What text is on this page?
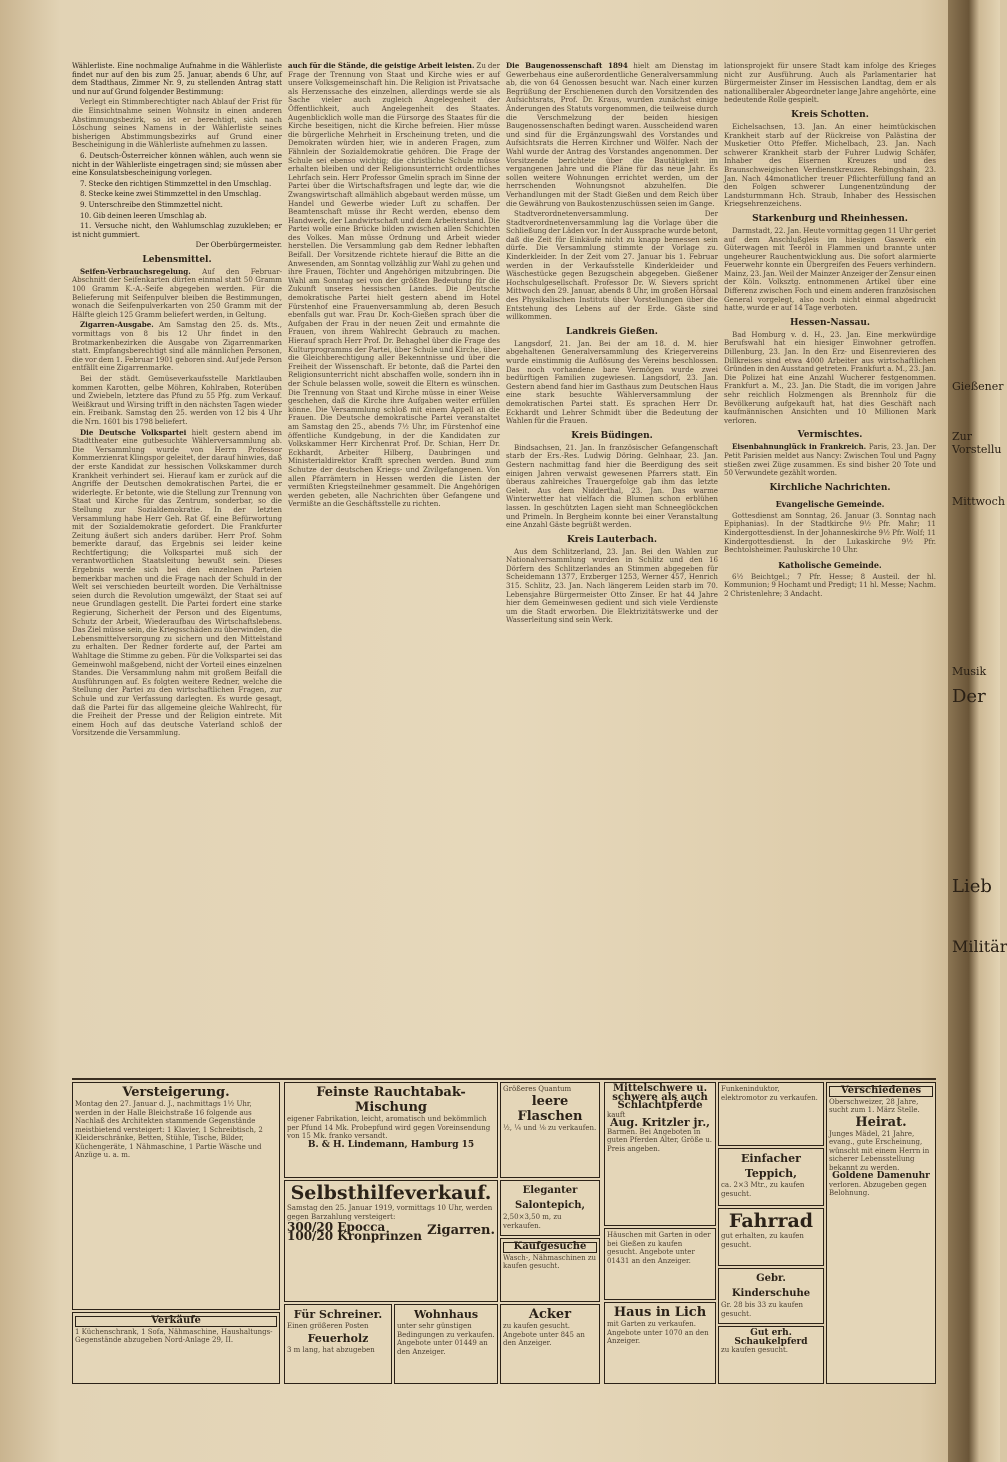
Wählerliste. Eine nochmalige Aufnahme in die Wählerliste findet nur auf den bis zum 25. Januar, abends 6 Uhr, auf dem Stadthaus, Zimmer Nr. 9, zu stellenden Antrag statt und nur auf Grund folgender Bestimmung:

Verlegt ein Stimmberechtigter nach Ablauf der Frist für die Einsichtnahme seinen Wohnsitz in einen anderen Abstimmungsbezirk, so ist er berechtigt, sich nach Löschung seines Namens in der Wählerliste seines bisherigen Abstimmungsbezirks auf Grund einer Bescheinigung in die Wählerliste aufnehmen zu lassen.

6. Deutsch-Österreicher können wählen, auch wenn sie nicht in der Wählerliste eingetragen sind; sie müssen aber eine Konsulatsbescheinigung vorlegen.

7. Stecke den richtigen Stimmzettel in den Umschlag.

8. Stecke keine zwei Stimmzettel in den Umschlag.

9. Unterschreibe den Stimmzettel nicht.

10. Gib deinen leeren Umschlag ab.

11. Versuche nicht, den Wahlumschlag zuzukleben; er ist nicht gummiert.

Der Oberbürgermeister.

Lebensmittel.

Seifen-Verbrauchsregelung. Auf den Februar-Abschnitt der Seifenkarten dürfen einmal statt 50 Gramm 100 Gramm K.-A.-Seife abgegeben werden. Für die Belieferung mit Seifenpulver bleiben die Bestimmungen, wonach die Seifenpulverkarten von 250 Gramm mit der Hälfte gleich 125 Gramm beliefert werden, in Geltung.

Zigarren-Ausgabe. Am Samstag den 25. ds. Mts., vormittags von 8 bis 12 Uhr findet in den Brotmarkenbezirken die Ausgabe von Zigarrenmarken statt. Empfangsberechtigt sind alle männlichen Personen, die vor dem 1. Februar 1901 geboren sind. Auf jede Person entfällt eine Zigarrenmarke.

Bei der städt. Gemüseverkaufsstelle Marktlauben kommen Karotten, gelbe Möhren, Kohlraben, Roterüben und Zwiebeln, letztere das Pfund zu 55 Pfg. zum Verkauf. Weißkraut und Wirsing trifft in den nächsten Tagen wieder ein. Freibank. Samstag den 25. werden von 12 bis 4 Uhr die Nrn. 1601 bis 1798 beliefert.

Die Deutsche Volkspartei hielt gestern abend im Stadttheater eine gutbesuchte Wählerversammlung ab. Die Versammlung wurde von Herrn Professor Kommerzienrat Klingspor geleitet, der darauf hinwies, daß der erste Kandidat zur hessischen Volkskammer durch Krankheit verhindert sei. Hierauf kam er zurück auf die Angriffe der Deutschen demokratischen Partei, die er widerlegte. Er betonte, wie die Stellung zur Trennung von Staat und Kirche für das Zentrum, sonderbar, so die Stellung zur Sozialdemokratie. In der letzten Versammlung habe Herr Geh. Rat Gf. eine Befürwortung mit der Sozialdemokratie gefordert. Die Frankfurter Zeitung äußert sich anders darüber. Herr Prof. Sohm bemerkte darauf, das Ergebnis sei leider keine Rechtfertigung; die Volkspartei muß sich der verantwortlichen Staatsleitung bewußt sein. Dieses Ergebnis werde sich bei den einzelnen Parteien bemerkbar machen und die Frage nach der Schuld in der Welt sei verschieden beurteilt worden. Die Verhältnisse seien durch die Revolution umgewälzt, der Staat sei auf neue Grundlagen gestellt. Die Partei fordert eine starke Regierung, Sicherheit der Person und des Eigentums, Schutz der Arbeit, Wiederaufbau des Wirtschaftslebens. Das Ziel müsse sein, die Kriegsschäden zu überwinden, die Lebensmittelversorgung zu sichern und den Mittelstand zu erhalten. Der Redner forderte auf, der Partei am Wahltage die Stimme zu geben. Für die Volkspartei sei das Gemeinwohl maßgebend, nicht der Vorteil eines einzelnen Standes. Die Versammlung nahm mit großem Beifall die Ausführungen auf. Es folgten weitere Redner, welche die Stellung der Partei zu den wirtschaftlichen Fragen, zur Schule und zur Verfassung darlegten. Es wurde gesagt, daß die Partei für das allgemeine gleiche Wahlrecht, für die Freiheit der Presse und der Religion eintrete. Mit einem Hoch auf das deutsche Vaterland schloß der Vorsitzende die Versammlung.

auch für die Stände, die geistige Arbeit leisten. Zu der Frage der Trennung von Staat und Kirche wies er auf unsere Volksgemeinschaft hin. Die Religion ist Privatsache als Herzenssache des einzelnen, allerdings werde sie als Sache vieler auch zugleich Angelegenheit der Öffentlichkeit, auch Angelegenheit des Staates. Augenblicklich wolle man die Fürsorge des Staates für die Kirche beseitigen, nicht die Kirche befreien. Hier müsse die bürgerliche Mehrheit in Erscheinung treten, und die Demokraten würden hier, wie in anderen Fragen, zum Fähnlein der Sozialdemokratie gehören. Die Frage der Schule sei ebenso wichtig; die christliche Schule müsse erhalten bleiben und der Religionsunterricht ordentliches Lehrfach sein. Herr Professor Gmelin sprach im Sinne der Partei über die Wirtschaftsfragen und legte dar, wie die Zwangswirtschaft allmählich abgebaut werden müsse, um Handel und Gewerbe wieder Luft zu schaffen. Der Beamtenschaft müsse ihr Recht werden, ebenso dem Handwerk, der Landwirtschaft und dem Arbeiterstand. Die Partei wolle eine Brücke bilden zwischen allen Schichten des Volkes. Man müsse Ordnung und Arbeit wieder herstellen. Die Versammlung gab dem Redner lebhaften Beifall. Der Vorsitzende richtete hierauf die Bitte an die Anwesenden, am Sonntag vollzählig zur Wahl zu gehen und ihre Frauen, Töchter und Angehörigen mitzubringen. Die Wahl am Sonntag sei von der größten Bedeutung für die Zukunft unseres hessischen Landes. Die Deutsche demokratische Partei hielt gestern abend im Hotel Fürstenhof eine Frauenversammlung ab, deren Besuch ebenfalls gut war. Frau Dr. Koch-Gießen sprach über die Aufgaben der Frau in der neuen Zeit und ermahnte die Frauen, von ihrem Wahlrecht Gebrauch zu machen. Hierauf sprach Herr Prof. Dr. Behaghel über die Frage des Kulturprogramms der Partei, über Schule und Kirche, über die Gleichberechtigung aller Bekenntnisse und über die Freiheit der Wissenschaft. Er betonte, daß die Partei den Religionsunterricht nicht abschaffen wolle, sondern ihn in der Schule belassen wolle, soweit die Eltern es wünschen. Die Trennung von Staat und Kirche müsse in einer Weise geschehen, daß die Kirche ihre Aufgaben weiter erfüllen könne. Die Versammlung schloß mit einem Appell an die Frauen. Die Deutsche demokratische Partei veranstaltet am Samstag den 25., abends 7½ Uhr, im Fürstenhof eine öffentliche Kundgebung, in der die Kandidaten zur Volkskammer Herr Kirchenrat Prof. Dr. Schian, Herr Dr. Eckhardt, Arbeiter Hilberg, Daubringen und Ministerialdirektor Krafft sprechen werden. Bund zum Schutze der deutschen Kriegs- und Zivilgefangenen. Von allen Pfarrämtern in Hessen werden die Listen der vermißten Kriegsteilnehmer gesammelt. Die Angehörigen werden gebeten, alle Nachrichten über Gefangene und Vermißte an die Geschäftsstelle zu richten.

Die Baugenossenschaft 1894 hielt am Dienstag im Gewerbehaus eine außerordentliche Generalversammlung ab, die von 64 Genossen besucht war. Nach einer kurzen Begrüßung der Erschienenen durch den Vorsitzenden des Aufsichtsrats, Prof. Dr. Kraus, wurden zunächst einige Änderungen des Statuts vorgenommen, die teilweise durch die Verschmelzung der beiden hiesigen Baugenossenschaften bedingt waren. Ausscheidend waren und sind für die Ergänzungswahl des Vorstandes und Aufsichtsrats die Herren Kirchner und Wölfer. Nach der Wahl wurde der Antrag des Vorstandes angenommen. Der Vorsitzende berichtete über die Bautätigkeit im vergangenen Jahre und die Pläne für das neue Jahr. Es sollen weitere Wohnungen errichtet werden, um der herrschenden Wohnungsnot abzuhelfen. Die Verhandlungen mit der Stadt Gießen und dem Reich über die Gewährung von Baukostenzuschüssen seien im Gange.

Stadtverordnetenversammlung. Der Stadtverordnetenversammlung lag die Vorlage über die Schließung der Läden vor. In der Aussprache wurde betont, daß die Zeit für Einkäufe nicht zu knapp bemessen sein dürfe. Die Versammlung stimmte der Vorlage zu. Kinderkleider. In der Zeit vom 27. Januar bis 1. Februar werden in der Verkaufsstelle Kinderkleider und Wäschestücke gegen Bezugschein abgegeben. Gießener Hochschulgesellschaft. Professor Dr. W. Sievers spricht Mittwoch den 29. Januar, abends 8 Uhr, im großen Hörsaal des Physikalischen Instituts über Vorstellungen über die Entstehung des Lebens auf der Erde. Gäste sind willkommen.

Landkreis Gießen.

Langsdorf, 21. Jan. Bei der am 18. d. M. hier abgehaltenen Generalversammlung des Kriegervereins wurde einstimmig die Auflösung des Vereins beschlossen. Das noch vorhandene bare Vermögen wurde zwei bedürftigen Familien zugewiesen. Langsdorf, 23. Jan. Gestern abend fand hier im Gasthaus zum Deutschen Haus eine stark besuchte Wählerversammlung der demokratischen Partei statt. Es sprachen Herr Dr. Eckhardt und Lehrer Schmidt über die Bedeutung der Wahlen für die Frauen.

Kreis Büdingen.

Bindsachsen, 21. Jan. In französischer Gefangenschaft starb der Ers.-Res. Ludwig Döring. Gelnhaar, 23. Jan. Gestern nachmittag fand hier die Beerdigung des seit einigen Jahren verwaist gewesenen Pfarrers statt. Ein überaus zahlreiches Trauergefolge gab ihm das letzte Geleit. Aus dem Nidderthal, 23. Jan. Das warme Winterwetter hat vielfach die Blumen schon erblühen lassen. In geschützten Lagen sieht man Schneeglöckchen und Primeln. In Bergheim konnte bei einer Veranstaltung eine Anzahl Gäste begrüßt werden.

Kreis Lauterbach.

Aus dem Schlitzerland, 23. Jan. Bei den Wahlen zur Nationalversammlung wurden in Schlitz und den 16 Dörfern des Schlitzerlandes an Stimmen abgegeben für Scheidemann 1377, Erzberger 1253, Werner 457, Henrich 315. Schlitz, 23. Jan. Nach längerem Leiden starb im 70. Lebensjahre Bürgermeister Otto Zinser. Er hat 44 Jahre hier dem Gemeinwesen gedient und sich viele Verdienste um die Stadt erworben. Die Elektrizitätswerke und der Wasserleitung sind sein Werk.

lationsprojekt für unsere Stadt kam infolge des Krieges nicht zur Ausführung. Auch als Parlamentarier hat Bürgermeister Zinser im Hessischen Landtag, dem er als nationalliberaler Abgeordneter lange Jahre angehörte, eine bedeutende Rolle gespielt.

Kreis Schotten.

Eichelsachsen, 13. Jan. An einer heimtückischen Krankheit starb auf der Rückreise von Palästina der Musketier Otto Pfeffer. Michelbach, 23. Jan. Nach schwerer Krankheit starb der Fuhrer Ludwig Schäfer, Inhaber des Eisernen Kreuzes und des Braunschweigischen Verdienstkreuzes. Rebingshain, 23. Jan. Nach 44monatlicher treuer Pflichterfüllung fand an den Folgen schwerer Lungenentzündung der Landsturmmann Hch. Straub, Inhaber des Hessischen Kriegsehrenzeichens.

Starkenburg und Rheinhessen.

Darmstadt, 22. Jan. Heute vormittag gegen 11 Uhr geriet auf dem Anschlußgleis im hiesigen Gaswerk ein Güterwagen mit Teeröl in Flammen und brannte unter ungeheurer Rauchentwicklung aus. Die sofort alarmierte Feuerwehr konnte ein Übergreifen des Feuers verhindern. Mainz, 23. Jan. Weil der Mainzer Anzeiger der Zensur einen der Köln. Volksztg. entnommenen Artikel über eine Differenz zwischen Foch und einem anderen französischen General vorgelegt, also noch nicht einmal abgedruckt hatte, wurde er auf 14 Tage verboten.

Hessen-Nassau.

Bad Homburg v. d. H., 23. Jan. Eine merkwürdige Berufswahl hat ein hiesiger Einwohner getroffen. Dillenburg, 23. Jan. In den Erz- und Eisenrevieren des Dillkreises sind etwa 4000 Arbeiter aus wirtschaftlichen Gründen in den Ausstand getreten. Frankfurt a. M., 23. Jan. Die Polizei hat eine Anzahl Wucherer festgenommen. Frankfurt a. M., 23. Jan. Die Stadt, die im vorigen Jahre sehr reichlich Holzmengen als Brennholz für die Bevölkerung aufgekauft hat, hat dies Geschäft nach kaufmännischen Ansichten und 10 Millionen Mark verloren.

Vermischtes.

Eisenbahnunglück in Frankreich. Paris, 23. Jan. Der Petit Parisien meldet aus Nancy: Zwischen Toul und Pagny stießen zwei Züge zusammen. Es sind bisher 20 Tote und 50 Verwundete gezählt worden.

Kirchliche Nachrichten.
Evangelische Gemeinde.

Gottesdienst am Sonntag, 26. Januar (3. Sonntag nach Epiphanias). In der Stadtkirche 9½ Pfr. Mahr; 11 Kindergottesdienst. In der Johanneskirche 9½ Pfr. Wolf; 11 Kindergottesdienst. In der Lukaskirche 9½ Pfr. Bechtolsheimer. Pauluskirche 10 Uhr.

Katholische Gemeinde.

6½ Beichtgel.; 7 Pfr. Hesse; 8 Austeil. der hl. Kommunion; 9 Hochamt und Predigt; 11 hl. Messe; Nachm. 2 Christenlehre; 3 Andacht.

Versteigerung.
Montag den 27. Januar d. J., nachmittags 1½ Uhr, werden in der Halle Bleichstraße 16 folgende aus Nachlaß des Architekten stammende Gegenstände meistbietend versteigert: 1 Klavier, 1 Schreibtisch, 2 Kleiderschränke, Betten, Stühle, Tische, Bilder, Küchengeräte, 1 Nähmaschine, 1 Partie Wäsche und Anzüge u. a. m.
Verkäufe
1 Küchenschrank, 1 Sofa, Nähmaschine, Haushaltungs-Gegenstände abzugeben Nord-Anlage 29, II.
Feinste Rauchtabak-Mischung
eigener Fabrikation, leicht, aromatisch und bekömmlich per Pfund 14 Mk. Probepfund wird gegen Voreinsendung von 15 Mk. franko versandt.
B. & H. Lindemann, Hamburg 15
Selbsthilfeverkauf.
Samstag den 25. Januar 1919, vormittags 10 Uhr, werden gegen Barzahlung versteigert:
300/20 Epocca 100/20 Kronprinzen Zigarren.
Für Schreiner.
Einen größeren Posten
Feuerholz
3 m lang, hat abzugeben
Wohnhaus
unter sehr günstigen Bedingungen zu verkaufen. Angebote unter 01449 an den Anzeiger.
Größeres Quantum
leere Flaschen
½, ¼ und ⅛ zu verkaufen.
Eleganter Salontepich,
2,50×3,50 m, zu verkaufen.
Kaufgesuche
Wasch-, Nähmaschinen zu kaufen gesucht.
Acker
zu kaufen gesucht. Angebote unter 845 an den Anzeiger.
Mittelschwere u. schwere als auch Schlachtpferde
kauft
Aug. Kritzler jr.,
Barmen. Bei Angeboten in guten Pferden Alter, Größe u. Preis angeben.
Häuschen mit Garten in oder bei Gießen zu kaufen gesucht. Angebote unter 01431 an den Anzeiger.
Haus in Lich
mit Garten zu verkaufen. Angebote unter 1070 an den Anzeiger.
Funkeninduktor, elektromotor zu verkaufen.
Einfacher Teppich,
ca. 2×3 Mtr., zu kaufen gesucht.
Fahrrad
gut erhalten, zu kaufen gesucht.
Gebr. Kinderschuhe
Gr. 28 bis 33 zu kaufen gesucht.
Gut erh. Schaukelpferd
zu kaufen gesucht.
Verschiedenes
Oberschweizer, 28 Jahre, sucht zum 1. März Stelle.
Heirat.
Junges Mädel, 21 Jahre, evang., gute Erscheinung, wünscht mit einem Herrn in sicherer Lebensstellung bekannt zu werden.
Goldene Damenuhr
verloren. Abzugeben gegen Belohnung.
Gießener
Mittwoch
Zur Vorstellu
Musik
Der
Lieb
Militär
